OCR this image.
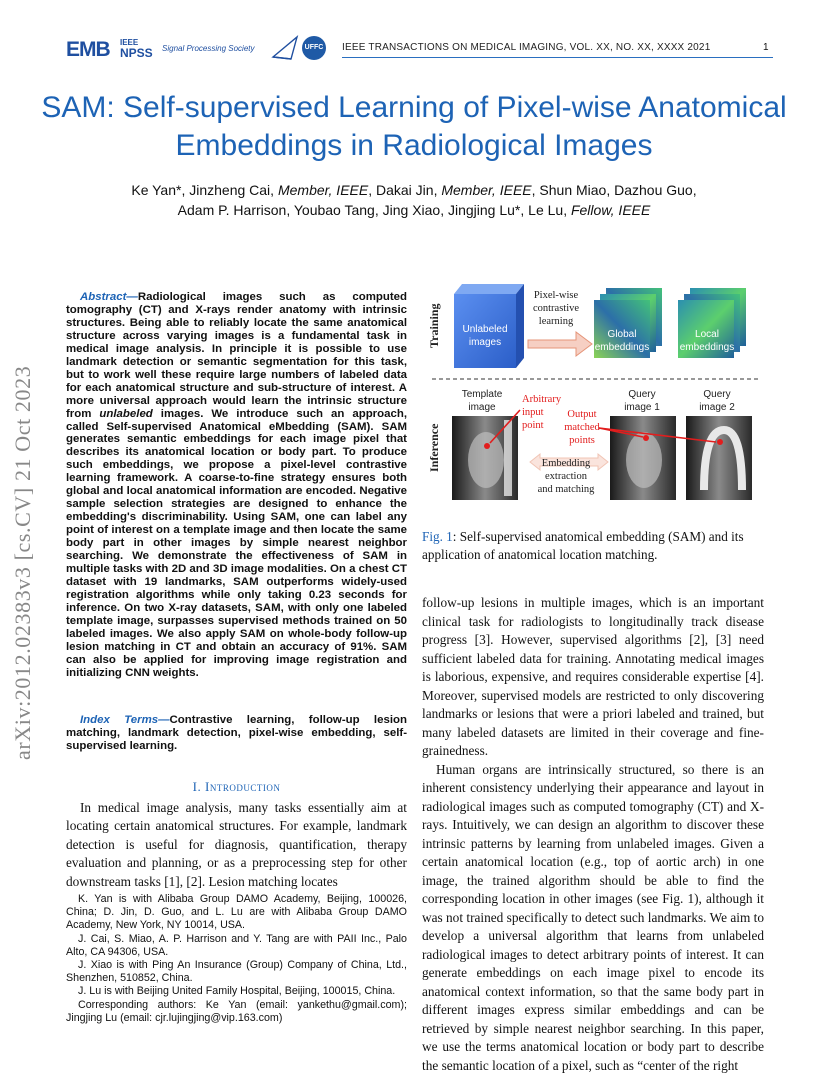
EMB IEEE
NPSS Signal Processing Society	UFFC IEEE TRANSACTIONS ON MEDICAL IMAGING, VOL. XX, NO. XX, XXXX 2021	1
SAM: Self-supervised Learning of Pixel-wise Anatomical Embeddings in Radiological Images
Ke Yan*, Jinzheng Cai, Member, IEEE, Dakai Jin, Member, IEEE, Shun Miao, Dazhou Guo,
Adam P. Harrison, Youbao Tang, Jing Xiao, Jingjing Lu*, Le Lu, Fellow, IEEE
arXiv:2012.02383v3 [cs.CV] 21 Oct 2023
Abstract—Radiological images such as computed tomography (CT) and X-rays render anatomy with intrinsic structures. Being able to reliably locate the same anatomical structure across varying images is a fundamental task in medical image analysis. In principle it is possible to use landmark detection or semantic segmentation for this task, but to work well these require large numbers of labeled data for each anatomical structure and sub-structure of interest. A more universal approach would learn the intrinsic structure from unlabeled images. We introduce such an approach, called Self-supervised Anatomical eMbedding (SAM). SAM generates semantic embeddings for each image pixel that describes its anatomical location or body part. To produce such embeddings, we propose a pixel-level contrastive learning framework. A coarse-to-fine strategy ensures both global and local anatomical information are encoded. Negative sample selection strategies are designed to enhance the embedding's discriminability. Using SAM, one can label any point of interest on a template image and then locate the same body part in other images by simple nearest neighbor searching. We demonstrate the effectiveness of SAM in multiple tasks with 2D and 3D image modalities. On a chest CT dataset with 19 landmarks, SAM outperforms widely-used registration algorithms while only taking 0.23 seconds for inference. On two X-ray datasets, SAM, with only one labeled template image, surpasses supervised methods trained on 50 labeled images. We also apply SAM on whole-body follow-up lesion matching in CT and obtain an accuracy of 91%. SAM can also be applied for improving image registration and initializing CNN weights.
Index Terms—Contrastive learning, follow-up lesion matching, landmark detection, pixel-wise embedding, self-supervised learning.
I. Introduction
In medical image analysis, many tasks essentially aim at locating certain anatomical structures. For example, landmark detection is useful for diagnosis, quantification, therapy evaluation and planning, or as a preprocessing step for other downstream tasks [1], [2]. Lesion matching locates

K. Yan is with Alibaba Group DAMO Academy, Beijing, 100026, China; D. Jin, D. Guo, and L. Lu are with Alibaba Group DAMO Academy, New York, NY 10014, USA.

J. Cai, S. Miao, A. P. Harrison and Y. Tang are with PAII Inc., Palo Alto, CA 94306, USA.

J. Xiao is with Ping An Insurance (Group) Company of China, Ltd., Shenzhen, 510852, China.

J. Lu is with Beijing United Family Hospital, Beijing, 100015, China.

Corresponding authors: Ke Yan (email: yankethu@gmail.com); Jingjing Lu (email: cjr.lujingjing@vip.163.com)

Training Unlabeled images
Pixel-wise contrastive learning
Global embeddings
Local embeddings
Inference
Template image
Query image 1
Query image 2
Arbitrary input point
Output matched points
Embedding extraction and matching
Fig. 1: Self-supervised anatomical embedding (SAM) and its application of anatomical location matching.

follow-up lesions in multiple images, which is an important clinical task for radiologists to longitudinally track disease progress [3]. However, supervised algorithms [2], [3] need sufficient labeled data for training. Annotating medical images is laborious, expensive, and requires considerable expertise [4]. Moreover, supervised models are restricted to only discovering landmarks or lesions that were a priori labeled and trained, but many labeled datasets are limited in their coverage and fine-grainedness.

Human organs are intrinsically structured, so there is an inherent consistency underlying their appearance and layout in radiological images such as computed tomography (CT) and X-rays. Intuitively, we can design an algorithm to discover these intrinsic patterns by learning from unlabeled images. Given a certain anatomical location (e.g., top of aortic arch) in one image, the trained algorithm should be able to find the corresponding location in other images (see Fig. 1), although it was not trained specifically to detect such landmarks. We aim to develop a universal algorithm that learns from unlabeled radiological images to detect arbitrary points of interest. It can generate embeddings on each image pixel to encode its anatomical context information, so that the same body part in different images express similar embeddings and can be retrieved by simple nearest neighbor searching. In this paper, we use the terms anatomical location or body part to describe the semantic location of a pixel, such as “center of the right
